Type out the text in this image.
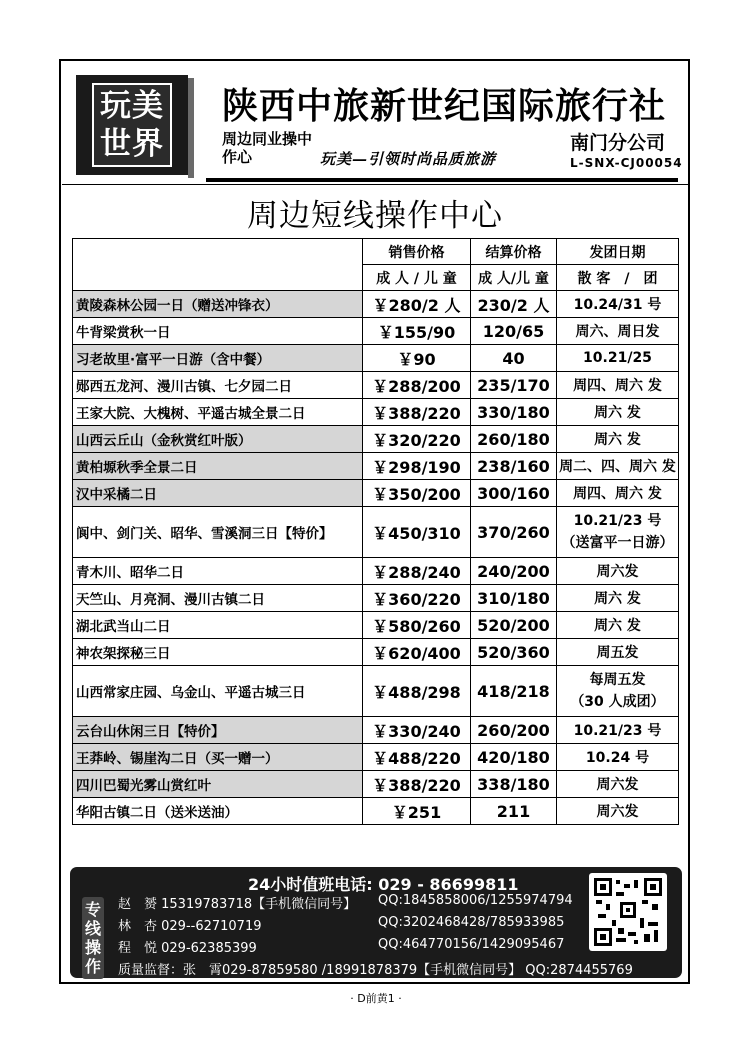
玩美
世界
陕西中旅新世纪国际旅行社
周边同业操中作心	玩美—引领时尚品质旅游
南门分公司
L-SNX-CJ00054
周边短线操作中心
	销售价格	结算价格	发团日期
	成 人 / 儿 童	成 人/儿 童	散 客　/　团
黄陵森林公园一日（赠送冲锋衣）	￥280/2 人	230/2 人	10.24/31 号
牛背梁赏秋一日	￥155/90	120/65	周六、周日发
习老故里·富平一日游（含中餐）	￥90	40	10.21/25
郧西五龙河、漫川古镇、七夕园二日	￥288/200	235/170	周四、周六 发
王家大院、大槐树、平遥古城全景二日	￥388/220	330/180	周六 发
山西云丘山（金秋赏红叶版）	￥320/220	260/180	周六 发
黄柏塬秋季全景二日	￥298/190	238/160	周二、四、周六 发
汉中采橘二日	￥350/200	300/160	周四、周六 发
阆中、剑门关、昭华、雪溪洞三日【特价】	￥450/310	370/260	10.21/23 号
（送富平一日游）

青木川、昭华二日	￥288/240	240/200	周六发
天竺山、月亮洞、漫川古镇二日	￥360/220	310/180	周六 发
湖北武当山二日	￥580/260	520/200	周六 发
神农架探秘三日	￥620/400	520/360	周五发
山西常家庄园、乌金山、平遥古城三日	￥488/298	418/218	每周五发
（30 人成团）

云台山休闲三日【特价】	￥330/240	260/200	10.21/23 号
王莽岭、锡崖沟二日（买一赠一）	￥488/220	420/180	10.24 号
四川巴蜀光雾山赏红叶	￥388/220	338/180	周六发
华阳古镇二日（送米送油）	￥251	211	周六发
24小时值班电话: 029 - 86699811
专线操作
赵　赟 15319783718【手机微信同号】 QQ:1845858006/1255974794
林　杏 029--62710719	QQ:3202468428/785933985
程　悦 029-62385399	QQ:464770156/1429095467
质量监督：张　霄029-87859580 /18991878379【手机微信同号】 QQ:2874455769
· D前黄1 ·
